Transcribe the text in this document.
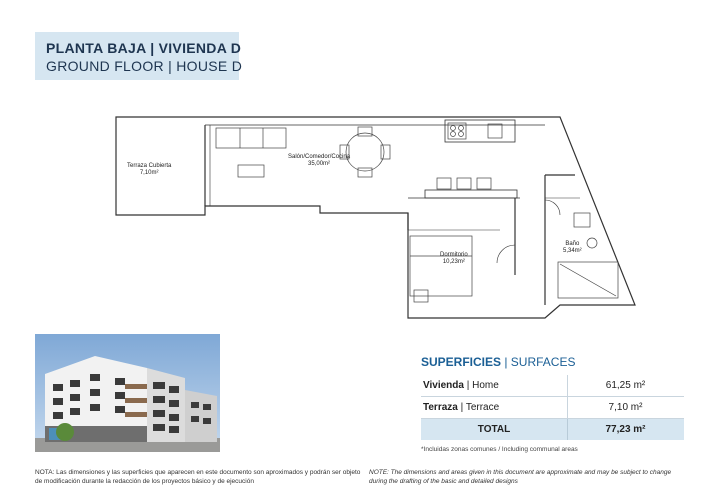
PLANTA BAJA | VIVIENDA D
GROUND FLOOR | HOUSE D
Terraza Cubierta
7,10m²
Salón/Comedor/Cocina
35,00m²
Dormitorio
10,23m²
Baño
5,34m²
SUPERFICIES | SURFACES
Vivienda | Home	61,25 m²
Terraza | Terrace	7,10 m²
TOTAL	77,23 m²
*Incluidas zonas comunes / Including communal areas
NOTA: Las dimensiones y las superficies que aparecen en este documento son aproximados y podrán ser objeto de modificación durante la redacción de los proyectos básico y de ejecución
NOTE: The dimensions and areas given in this document are approximate and may be subject to change during the drafting of the basic and detailed designs
